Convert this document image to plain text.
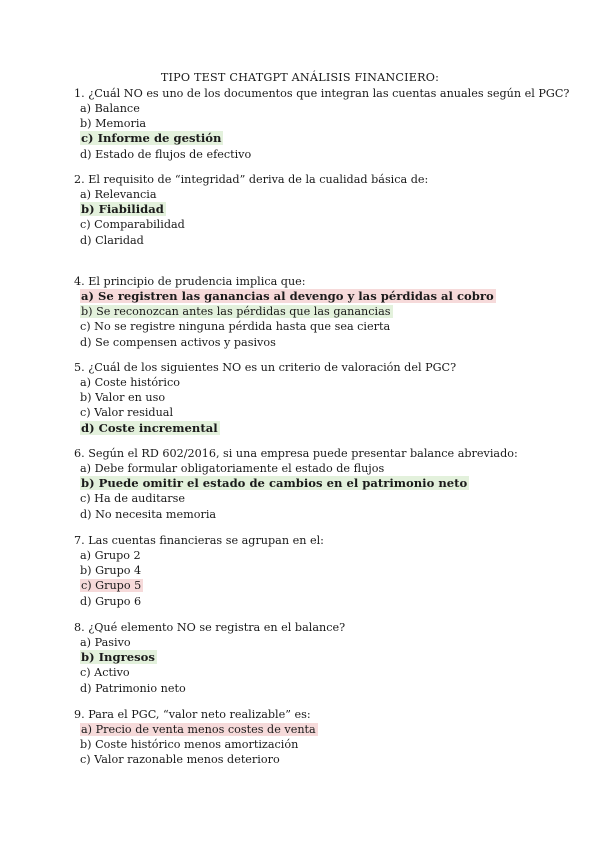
TIPO TEST CHATGPT ANÁLISIS FINANCIERO:
1. ¿Cuál NO es uno de los documentos que integran las cuentas anuales según el PGC?
a) Balance
b) Memoria
c) Informe de gestión
d) Estado de flujos de efectivo
2. El requisito de “integridad” deriva de la cualidad básica de:
a) Relevancia
b) Fiabilidad
c) Comparabilidad
d) Claridad
4. El principio de prudencia implica que:
a) Se registren las ganancias al devengo y las pérdidas al cobro
b) Se reconozcan antes las pérdidas que las ganancias
c) No se registre ninguna pérdida hasta que sea cierta
d) Se compensen activos y pasivos
5. ¿Cuál de los siguientes NO es un criterio de valoración del PGC?
a) Coste histórico
b) Valor en uso
c) Valor residual
d) Coste incremental
6. Según el RD 602/2016, si una empresa puede presentar balance abreviado:
a) Debe formular obligatoriamente el estado de flujos
b) Puede omitir el estado de cambios en el patrimonio neto
c) Ha de auditarse
d) No necesita memoria
7. Las cuentas financieras se agrupan en el:
a) Grupo 2
b) Grupo 4
c) Grupo 5
d) Grupo 6
8. ¿Qué elemento NO se registra en el balance?
a) Pasivo
b) Ingresos
c) Activo
d) Patrimonio neto
9. Para el PGC, “valor neto realizable” es:
a) Precio de venta menos costes de venta
b) Coste histórico menos amortización
c) Valor razonable menos deterioro
